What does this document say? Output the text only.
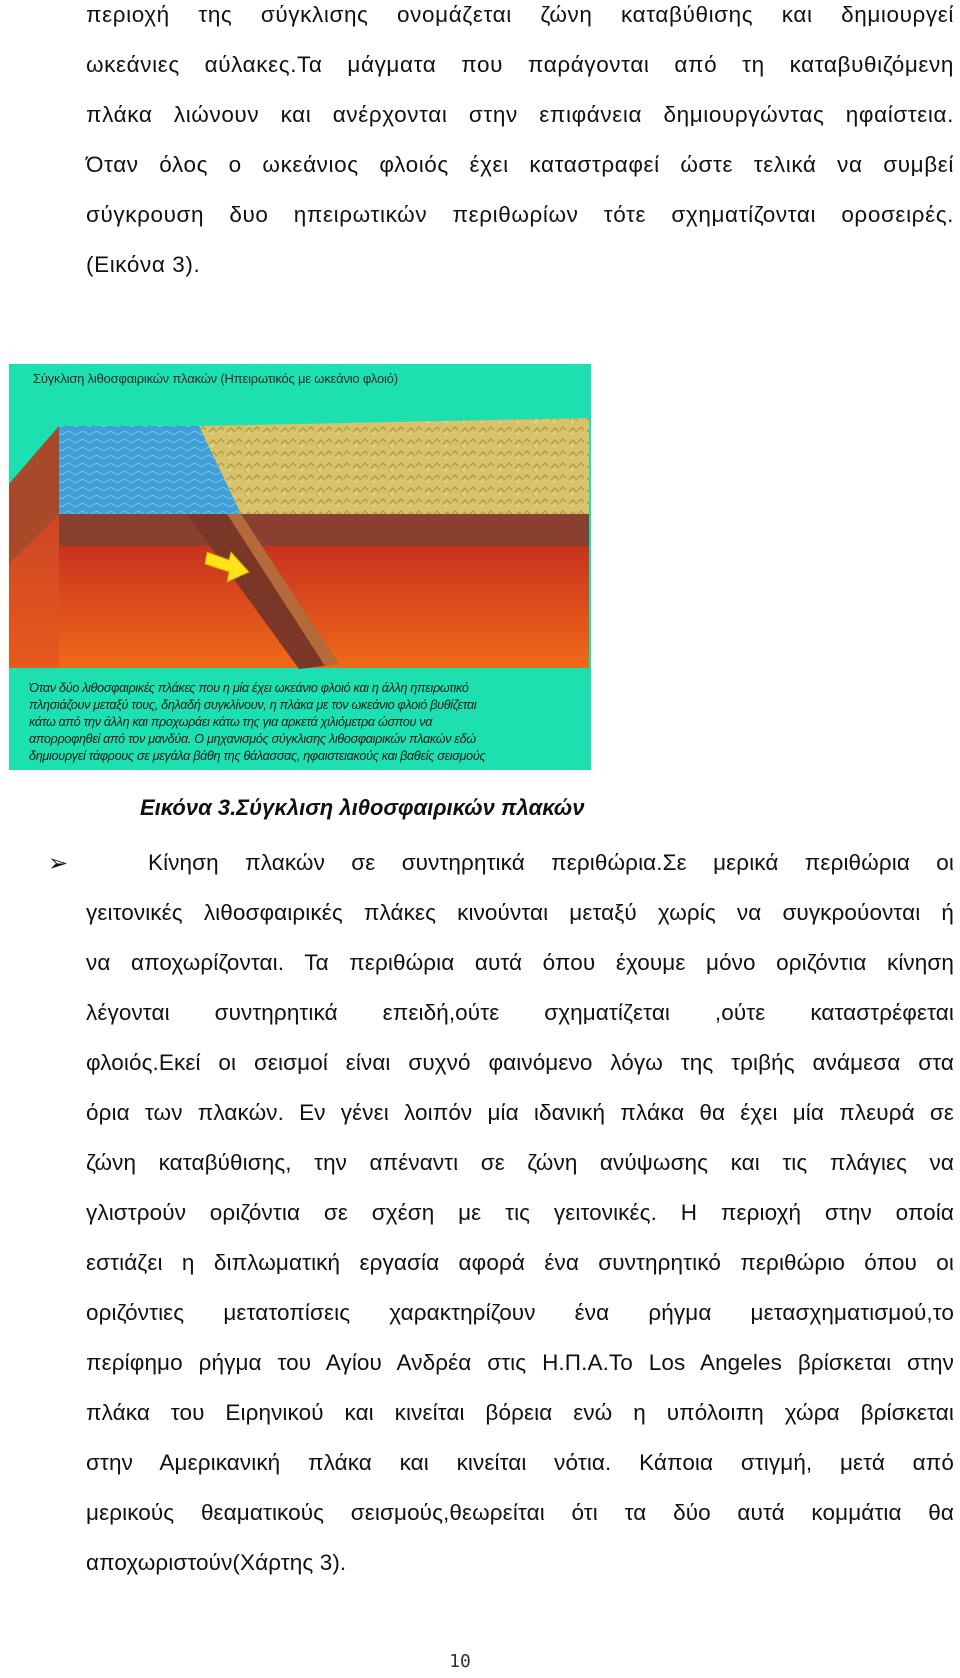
περιοχή της σύγκλισης ονομάζεται ζώνη καταβύθισης και δημιουργεί
ωκεάνιες αύλακες.Τα μάγματα που παράγονται από τη καταβυθιζόμενη
πλάκα λιώνουν και ανέρχονται στην επιφάνεια δημιουργώντας ηφαίστεια.
Όταν όλος ο ωκεάνιος φλοιός έχει καταστραφεί ώστε τελικά να συμβεί
σύγκρουση δυο ηπειρωτικών περιθωρίων τότε σχηματίζονται οροσειρές.
(Εικόνα 3).
Σύγκλιση λιθοσφαιρικών πλακών (Ηπειρωτικός με ωκεάνιο φλοιό)
Όταν δύο λιθοσφαιρικές πλάκες που η μία έχει ωκεάνιο φλοιό και η άλλη ηπειρωτικό
πλησιάζουν μεταξύ τους, δηλαδή συγκλίνουν, η πλάκα με τον ωκεάνιο φλοιό βυθίζεται
κάτω από την άλλη και προχωράει κάτω της για αρκετά χιλιόμετρα ώσπου να
απορροφηθεί από τον μανδύα. Ο μηχανισμός σύγκλισης λιθοσφαιρικών πλακών εδώ
δημιουργεί τάφρους σε μεγάλα βάθη της θάλασσας, ηφαιστειακούς και βαθείς σεισμούς
Εικόνα 3.Σύγκλιση λιθοσφαιρικών πλακών
➢	Κίνηση πλακών σε συντηρητικά περιθώρια.Σε μερικά περιθώρια οι
γειτονικές λιθοσφαιρικές πλάκες κινούνται μεταξύ χωρίς να συγκρούονται ή
να αποχωρίζονται. Τα περιθώρια αυτά όπου έχουμε μόνο οριζόντια κίνηση
λέγονται συντηρητικά επειδή,ούτε σχηματίζεται ,ούτε καταστρέφεται
φλοιός.Εκεί οι σεισμοί είναι συχνό φαινόμενο λόγω της τριβής ανάμεσα στα
όρια των πλακών. Εν γένει λοιπόν μία ιδανική πλάκα θα έχει μία πλευρά σε
ζώνη καταβύθισης, την απέναντι σε ζώνη ανύψωσης και τις πλάγιες να
γλιστρούν οριζόντια σε σχέση με τις γειτονικές. Η περιοχή στην οποία
εστιάζει η διπλωματική εργασία αφορά ένα συντηρητικό περιθώριο όπου οι
οριζόντιες μετατοπίσεις χαρακτηρίζουν ένα ρήγμα μετασχηματισμού,το
περίφημο ρήγμα του Αγίου Ανδρέα στις Η.Π.Α.Το Los Angeles βρίσκεται στην
πλάκα του Ειρηνικού και κινείται βόρεια ενώ η υπόλοιπη χώρα βρίσκεται
στην Αμερικανική πλάκα και κινείται νότια. Κάποια στιγμή, μετά από
μερικούς θεαματικούς σεισμούς,θεωρείται ότι τα δύο αυτά κομμάτια θα
αποχωριστούν(Χάρτης 3).
10
